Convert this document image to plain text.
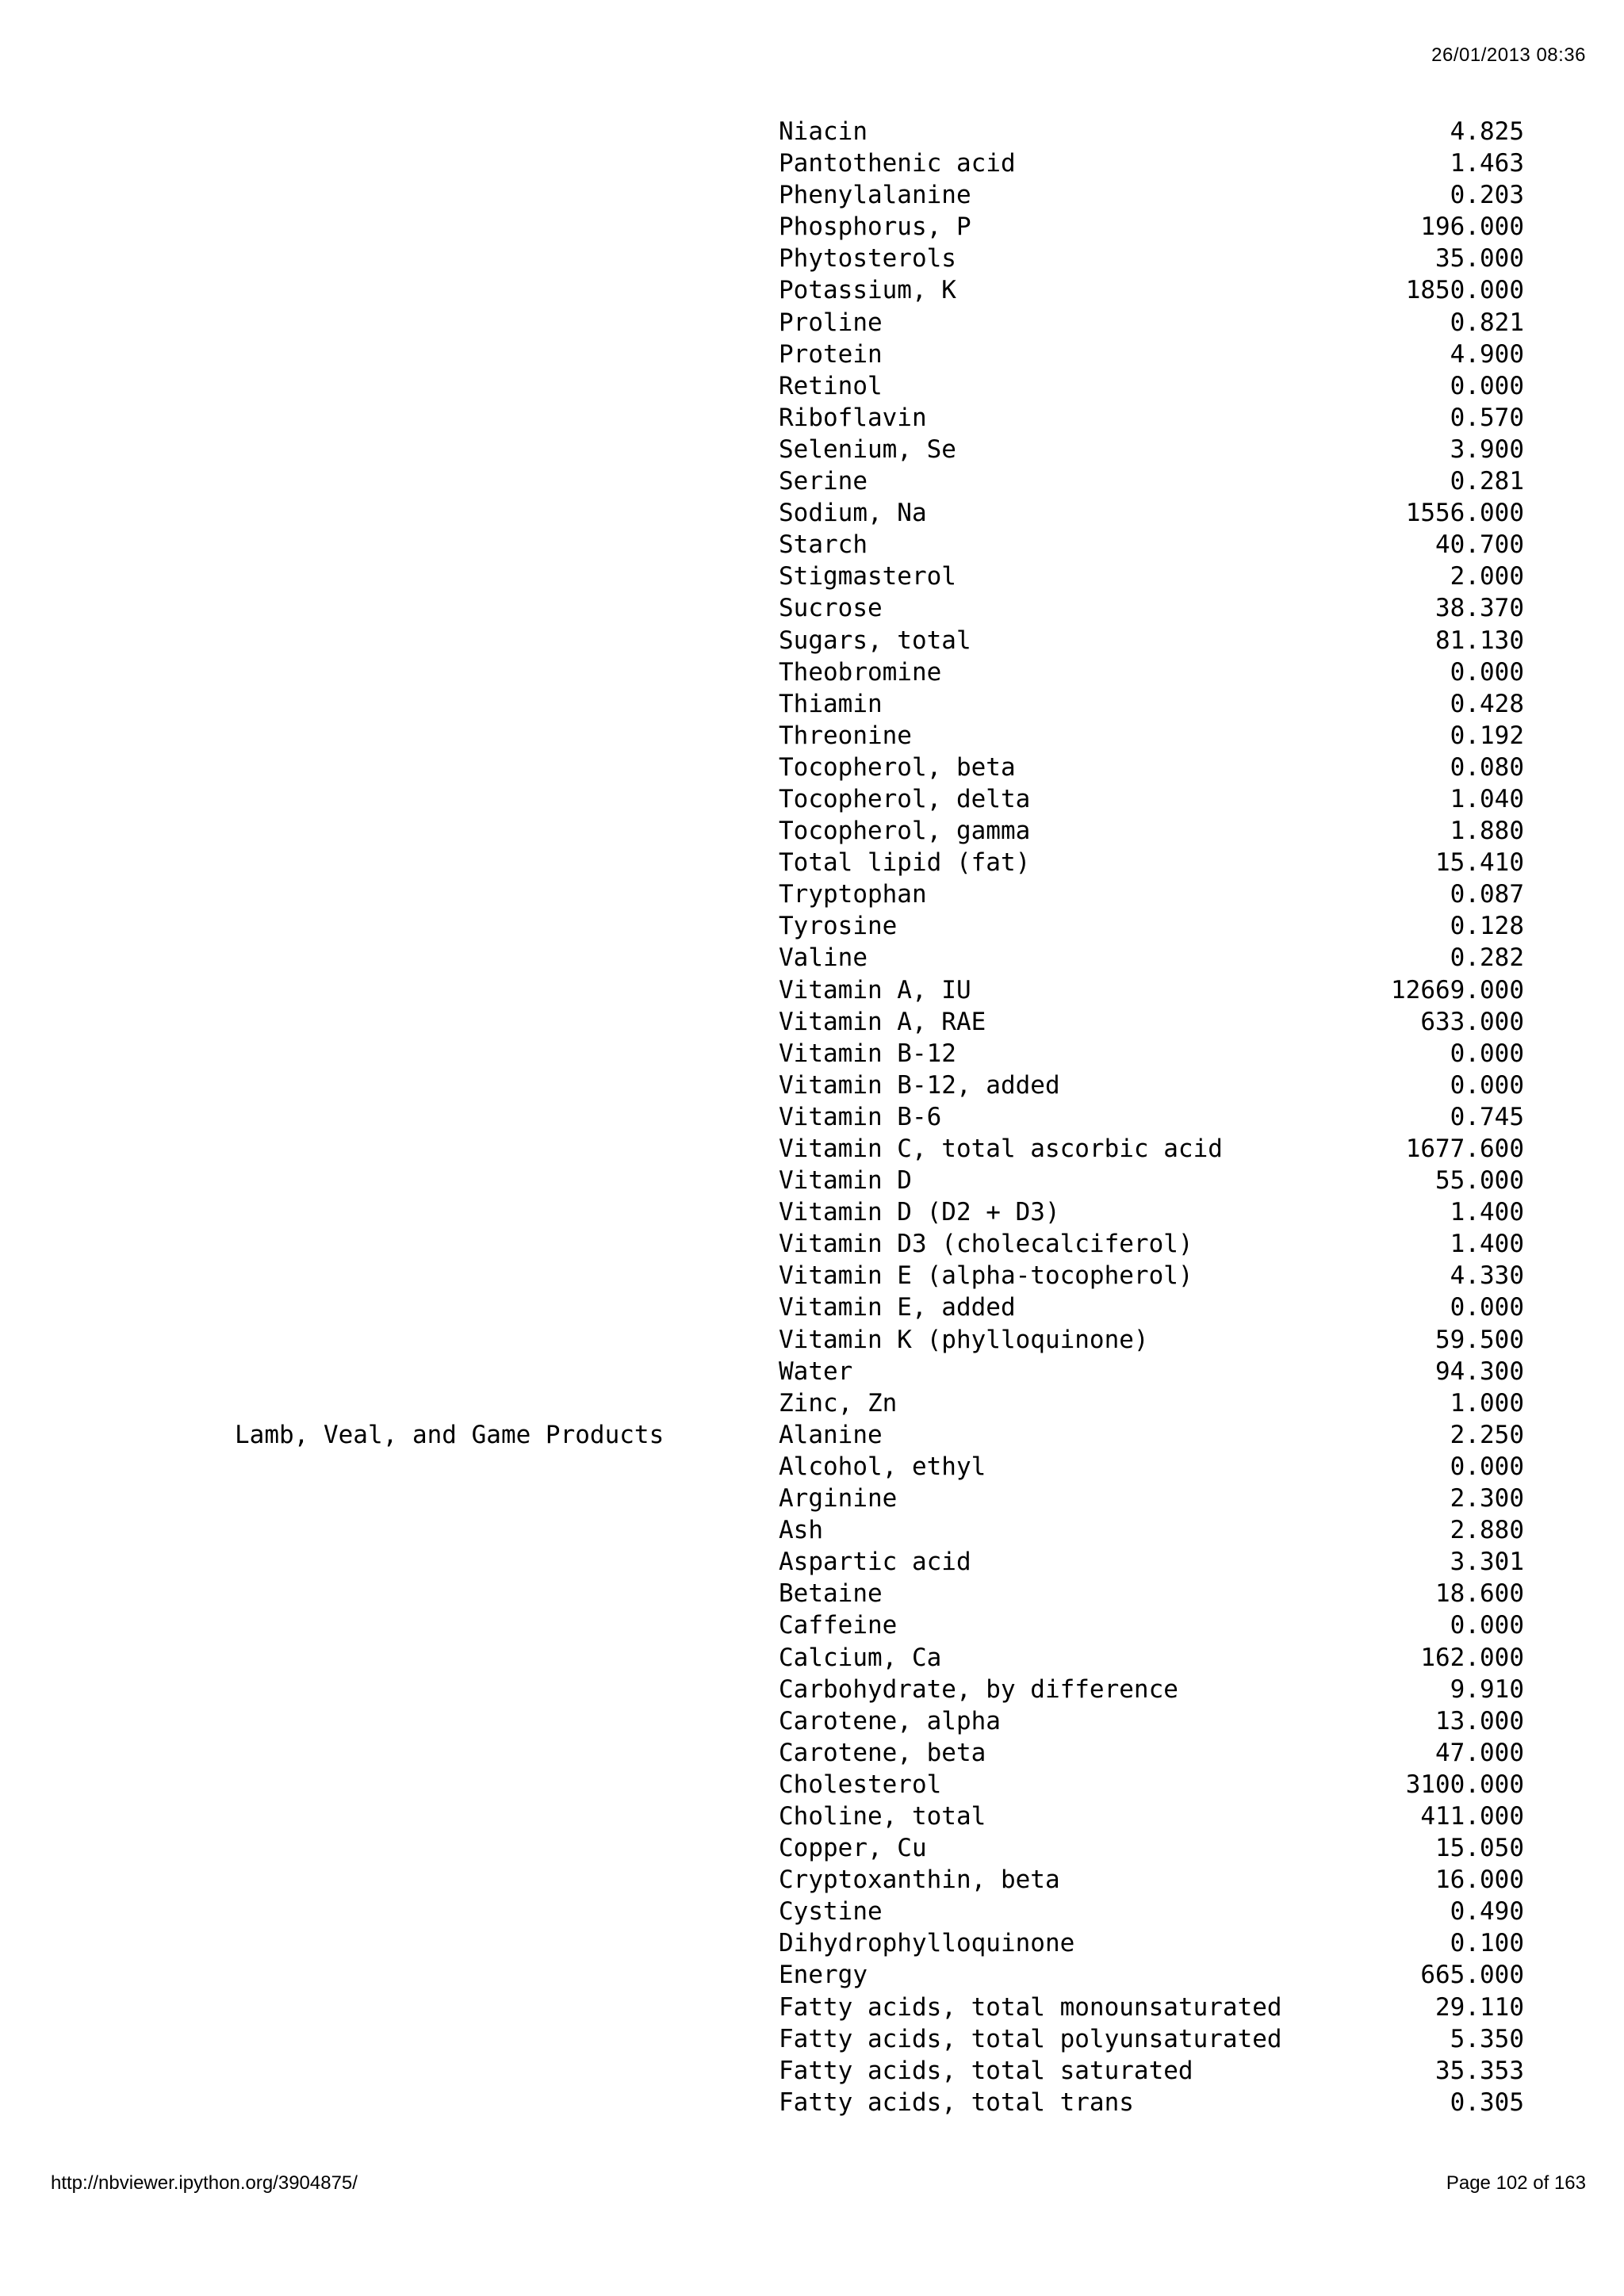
26/01/2013 08:36
Niacin	4.825
Pantothenic acid	1.463
Phenylalanine	0.203
Phosphorus, P	196.000
Phytosterols	35.000
Potassium, K	1850.000
Proline	0.821
Protein	4.900
Retinol	0.000
Riboflavin	0.570
Selenium, Se	3.900
Serine	0.281
Sodium, Na	1556.000
Starch	40.700
Stigmasterol	2.000
Sucrose	38.370
Sugars, total	81.130
Theobromine	0.000
Thiamin	0.428
Threonine	0.192
Tocopherol, beta	0.080
Tocopherol, delta	1.040
Tocopherol, gamma	1.880
Total lipid (fat)	15.410
Tryptophan	0.087
Tyrosine	0.128
Valine	0.282
Vitamin A, IU	12669.000
Vitamin A, RAE	633.000
Vitamin B-12	0.000
Vitamin B-12, added	0.000
Vitamin B-6	0.745
Vitamin C, total ascorbic acid	1677.600
Vitamin D	55.000
Vitamin D (D2 + D3)	1.400
Vitamin D3 (cholecalciferol)	1.400
Vitamin E (alpha-tocopherol)	4.330
Vitamin E, added	0.000
Vitamin K (phylloquinone)	59.500
Water	94.300
Zinc, Zn	1.000
Lamb, Veal, and Game Products	Alanine	2.250
Alcohol, ethyl	0.000
Arginine	2.300
Ash	2.880
Aspartic acid	3.301
Betaine	18.600
Caffeine	0.000
Calcium, Ca	162.000
Carbohydrate, by difference	9.910
Carotene, alpha	13.000
Carotene, beta	47.000
Cholesterol	3100.000
Choline, total	411.000
Copper, Cu	15.050
Cryptoxanthin, beta	16.000
Cystine	0.490
Dihydrophylloquinone	0.100
Energy	665.000
Fatty acids, total monounsaturated	29.110
Fatty acids, total polyunsaturated	5.350
Fatty acids, total saturated	35.353
Fatty acids, total trans	0.305
http://nbviewer.ipython.org/3904875/	Page 102 of 163
